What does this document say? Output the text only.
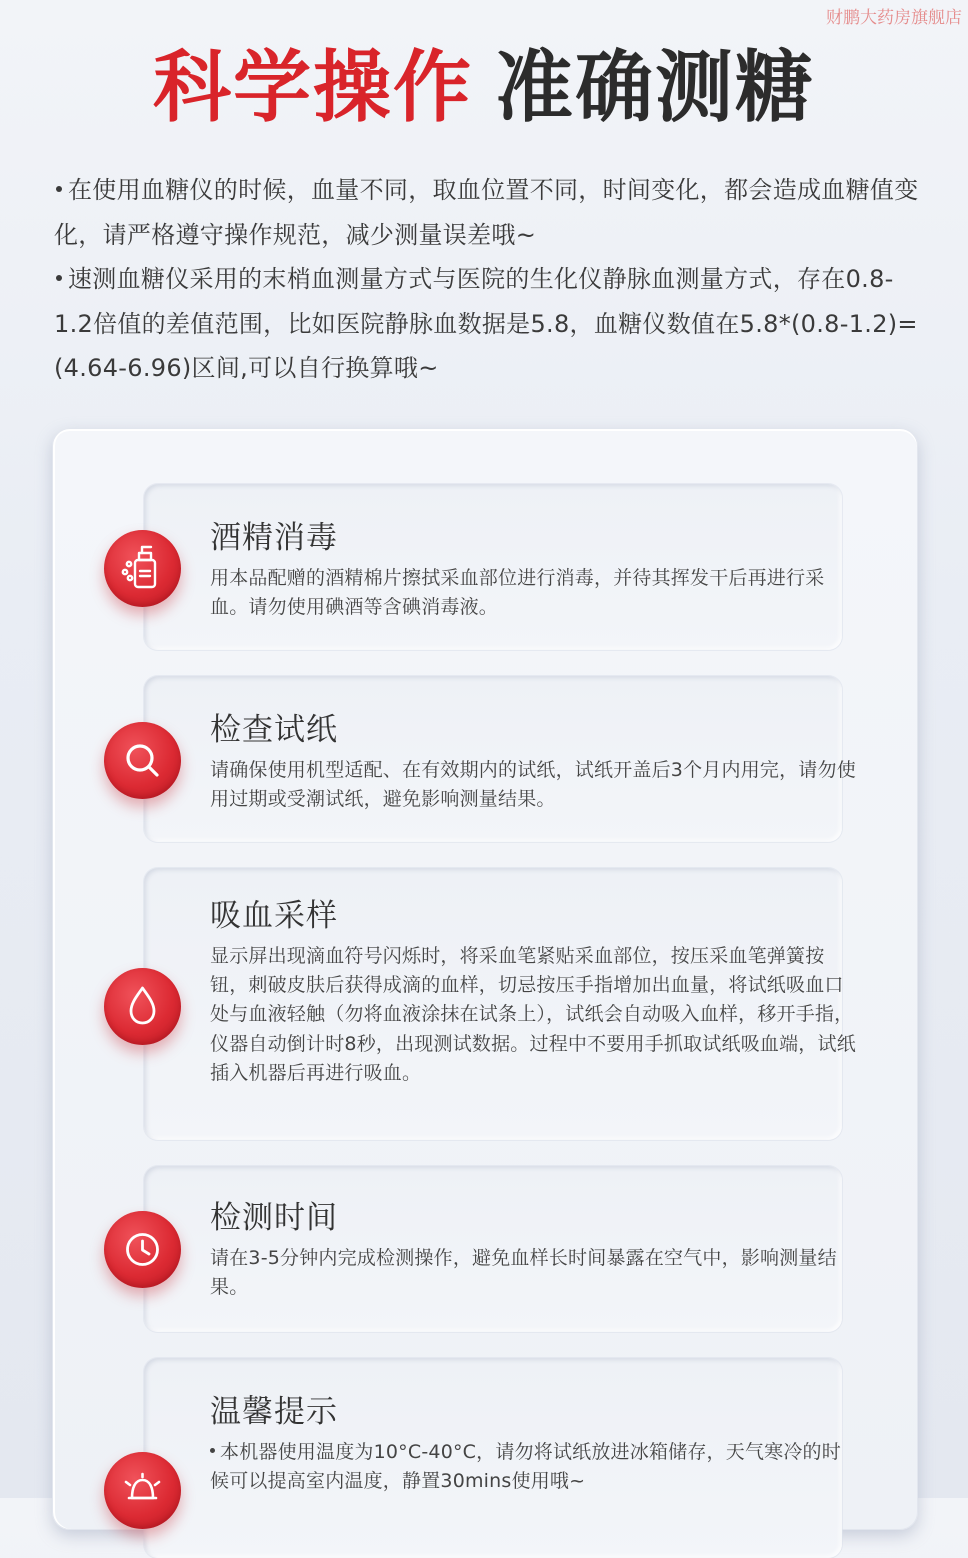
财鹏大药房旗舰店
科学操作 准确测糖

在使用血糖仪的时候，血量不同，取血位置不同，时间变化，都会造成血糖值变化，请严格遵守操作规范，减少测量误差哦~

速测血糖仪采用的末梢血测量方式与医院的生化仪静脉血测量方式，存在0.8-1.2倍值的差值范围，比如医院静脉血数据是5.8，血糖仪数值在5.8*(0.8-1.2)=(4.64-6.96)区间,可以自行换算哦~

酒精消毒
用本品配赠的酒精棉片擦拭采血部位进行消毒，并待其挥发干后再进行采血。请勿使用碘酒等含碘消毒液。
检查试纸
请确保使用机型适配、在有效期内的试纸，试纸开盖后3个月内用完，请勿使用过期或受潮试纸，避免影响测量结果。
吸血采样
显示屏出现滴血符号闪烁时，将采血笔紧贴采血部位，按压采血笔弹簧按钮，刺破皮肤后获得成滴的血样，切忌按压手指增加出血量，将试纸吸血口处与血液轻触（勿将血液涂抹在试条上），试纸会自动吸入血样，移开手指，仪器自动倒计时8秒，出现测试数据。过程中不要用手抓取试纸吸血端，试纸插入机器后再进行吸血。
检测时间
请在3-5分钟内完成检测操作，避免血样长时间暴露在空气中，影响测量结果。
温馨提示
本机器使用温度为10°C-40°C，请勿将试纸放进冰箱储存，天气寒冷的时候可以提高室内温度，静置30mins使用哦~
